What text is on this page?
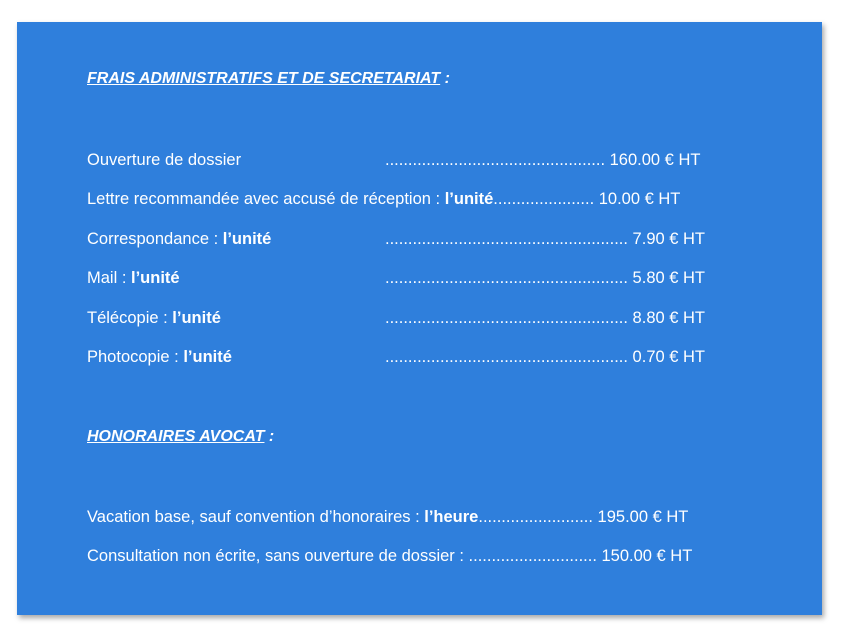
FRAIS ADMINISTRATIFS ET DE SECRETARIAT :
Ouverture de dossier	................................................ 160.00 € HT
Lettre recommandée avec accusé de réception : l’unité...................... 10.00 € HT
Correspondance : l’unité	..................................................... 7.90 € HT
Mail : l’unité	..................................................... 5.80 € HT
Télécopie : l’unité	..................................................... 8.80 € HT
Photocopie : l’unité	..................................................... 0.70 € HT
HONORAIRES AVOCAT :
Vacation base, sauf convention d’honoraires : l’heure......................... 195.00 € HT
Consultation non écrite, sans ouverture de dossier : ............................ 150.00 € HT
